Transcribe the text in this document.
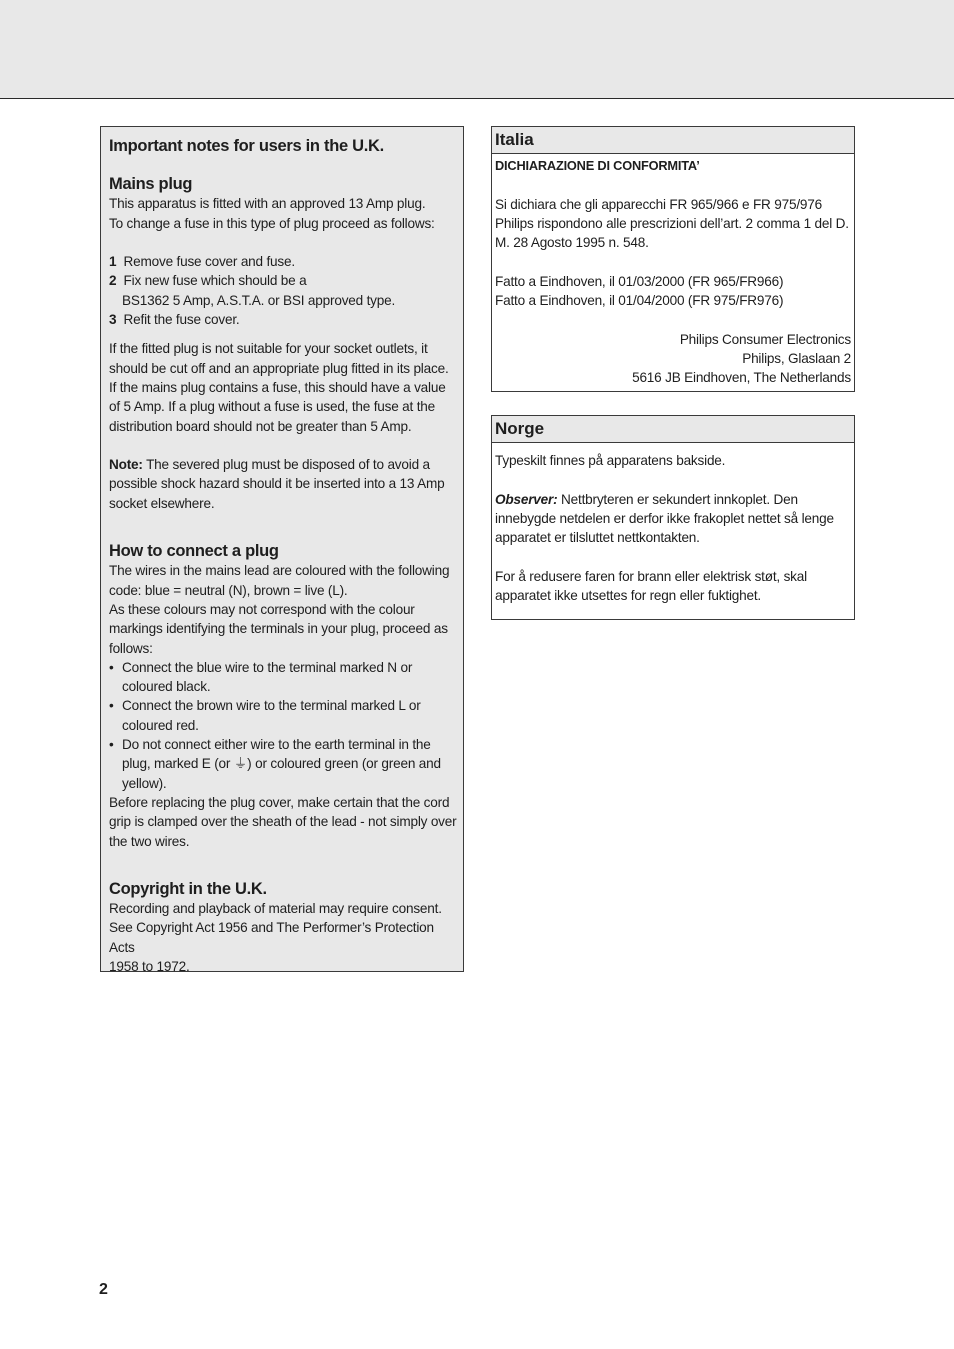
Important notes for users in the U.K.

Mains plug

This apparatus is fitted with an approved 13 Amp plug.

To change a fuse in this type of plug proceed as follows:

1 Remove fuse cover and fuse.

2 Fix new fuse which should be a

BS1362 5 Amp, A.S.T.A. or BSI approved type.

3 Refit the fuse cover.

If the fitted plug is not suitable for your socket outlets, it

should be cut off and an appropriate plug fitted in its place.

If the mains plug contains a fuse, this should have a value

of 5 Amp. If a plug without a fuse is used, the fuse at the

distribution board should not be greater than 5 Amp.

Note: The severed plug must be disposed of to avoid a

possible shock hazard should it be inserted into a 13 Amp

socket elsewhere.

How to connect a plug

The wires in the mains lead are coloured with the following

code: blue = neutral (N), brown = live (L).

As these colours may not correspond with the colour

markings identifying the terminals in your plug, proceed as

follows:

• Connect the blue wire to the terminal marked N or
coloured black.
• Connect the brown wire to the terminal marked L or
coloured red.
• Do not connect either wire to the earth terminal in the
plug, marked E (or ⏚) or coloured green (or green and
yellow).

Before replacing the plug cover, make certain that the cord

grip is clamped over the sheath of the lead - not simply over

the two wires.

Copyright in the U.K.

Recording and playback of material may require consent.

See Copyright Act 1956 and The Performer’s Protection Acts

1958 to 1972.

Italia

DICHIARAZIONE DI CONFORMITA’

Si dichiara che gli apparecchi FR 965/966 e FR 975/976

Philips rispondono alle prescrizioni dell’art. 2 comma 1 del D.

M. 28 Agosto 1995 n. 548.

Fatto a Eindhoven, il 01/03/2000 (FR 965/FR966)

Fatto a Eindhoven, il 01/04/2000 (FR 975/FR976)

Philips Consumer Electronics

Philips, Glaslaan 2

5616 JB Eindhoven, The Netherlands

Norge

Typeskilt finnes på apparatens bakside.

Observer: Nettbryteren er sekundert innkoplet. Den

innebygde netdelen er derfor ikke frakoplet nettet så lenge

apparatet er tilsluttet nettkontakten.

For å redusere faren for brann eller elektrisk støt, skal

apparatet ikke utsettes for regn eller fuktighet.

2
